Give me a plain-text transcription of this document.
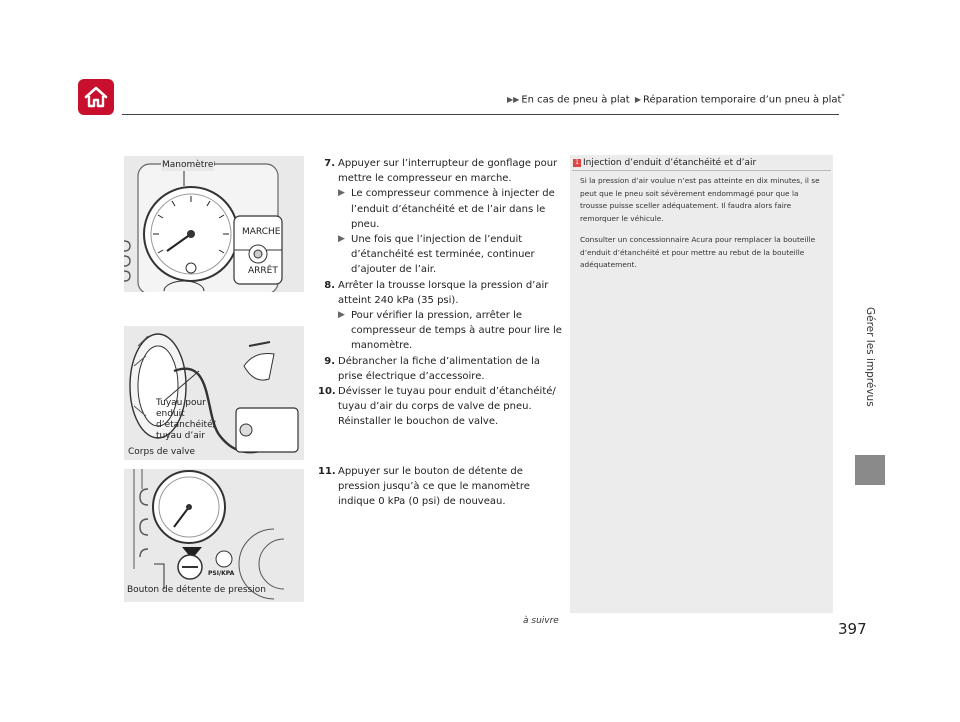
▶▶ En cas de pneu à plat ▶ Réparation temporaire d’un pneu à plat*
Gérer les imprévus
Manomètre
MARCHE
ARRÊT
Tuyau pour enduit d’étanchéité/ tuyau d’air
Corps de valve
PSI/KPA
Bouton de détente de pression
7. Appuyer sur l’interrupteur de gonflage pour mettre le compresseur en marche.
▶ Le compresseur commence à injecter de l’enduit d’étanchéité et de l’air dans le pneu.
▶ Une fois que l’injection de l’enduit d’étanchéité est terminée, continuer d’ajouter de l’air.
8. Arrêter la trousse lorsque la pression d’air atteint 240 kPa (35 psi).
▶ Pour vérifier la pression, arrêter le compresseur de temps à autre pour lire le manomètre.
9. Débrancher la fiche d’alimentation de la prise électrique d’accessoire.
10. Dévisser le tuyau pour enduit d’étanchéité/ tuyau d’air du corps de valve de pneu. Réinstaller le bouchon de valve.
11. Appuyer sur le bouton de détente de pression jusqu’à ce que le manomètre indique 0 kPa (0 psi) de nouveau.
1 Injection d’enduit d’étanchéité et d’air

Si la pression d’air voulue n’est pas atteinte en dix minutes, il se peut que le pneu soit sévèrement endommagé pour que la trousse puisse sceller adéquatement. Il faudra alors faire remorquer le véhicule.

Consulter un concessionnaire Acura pour remplacer la bouteille d’enduit d’étanchéité et pour mettre au rebut de la bouteille adéquatement.

à suivre	397
